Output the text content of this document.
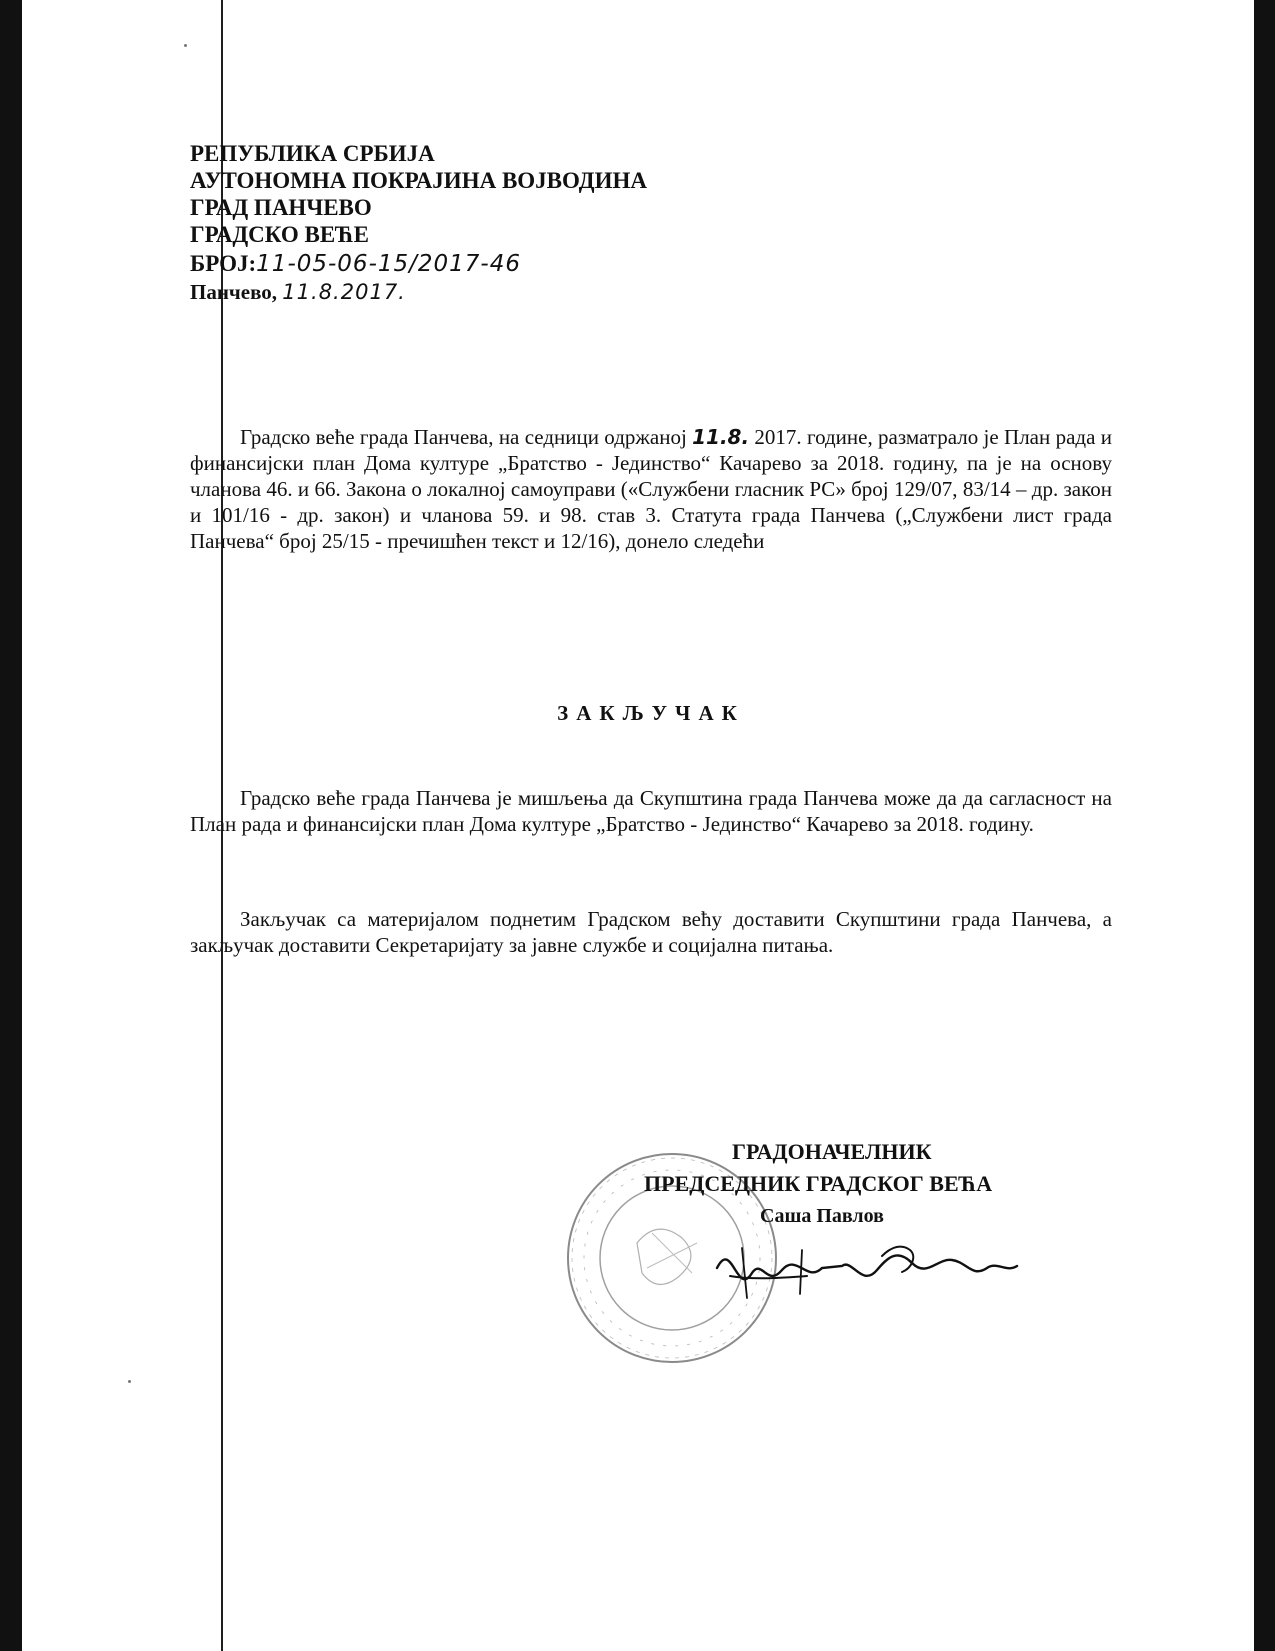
РЕПУБЛИКА СРБИЈА
АУТОНОМНА ПОКРАЈИНА ВОЈВОДИНА
ГРАД ПАНЧЕВО
ГРАДСКО ВЕЋЕ
БРОЈ:11-05-06-15/2017-46
Панчево, 11.8.2017.
Градско веће града Панчева, на седници одржаној 11.8. 2017. године, разматрало је План рада и финансијски план Дома културе „Братство - Јединство“ Качарево за 2018. годину, па је на основу чланова 46. и 66. Закона о локалној самоуправи («Службени гласник РС» број 129/07, 83/14 – др. закон и 101/16 - др. закон) и чланова 59. и 98. став 3. Статута града Панчева („Службени лист града Панчева“ број 25/15 - пречишћен текст и 12/16), донело следећи
ЗАКЉУЧАК
Градско веће града Панчева је мишљења да Скупштина града Панчева може да да сагласност на План рада и финансијски план Дома културе „Братство - Јединство“ Качарево за 2018. годину.
Закључак са материјалом поднетим Градском већу доставити Скупштини града Панчева, а закључак доставити Секретаријату за јавне службе и социјална питања.
ГРАДОНАЧЕЛНИК
ПРЕДСЕДНИК ГРАДСКОГ ВЕЋА
Саша Павлов
